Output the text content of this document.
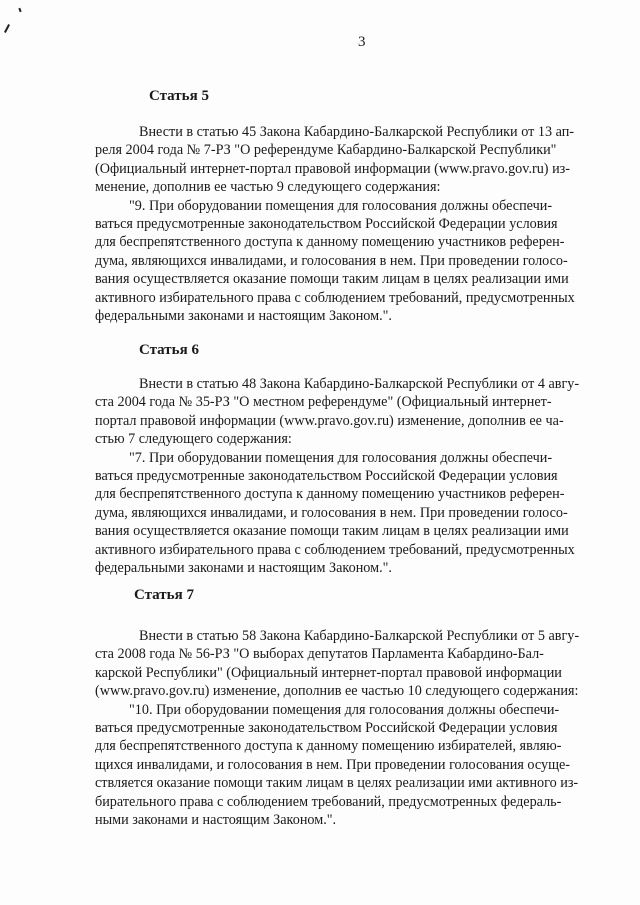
3
Статья 5
Внести в статью 45 Закона Кабардино-Балкарской Республики от 13 ап-
реля 2004 года № 7-РЗ "О референдуме Кабардино-Балкарской Республики"
(Официальный интернет-портал правовой информации (www.pravo.gov.ru) из-
менение, дополнив ее частью 9 следующего содержания:
"9. При оборудовании помещения для голосования должны обеспечи-
ваться предусмотренные законодательством Российской Федерации условия
для беспрепятственного доступа к данному помещению участников референ-
дума, являющихся инвалидами, и голосования в нем. При проведении голосо-
вания осуществляется оказание помощи таким лицам в целях реализации ими
активного избирательного права с соблюдением требований, предусмотренных
федеральными законами и настоящим Законом.".
Статья 6
Внести в статью 48 Закона Кабардино-Балкарской Республики от 4 авгу-
ста 2004 года № 35-РЗ "О местном референдуме" (Официальный интернет-
портал правовой информации (www.pravo.gov.ru) изменение, дополнив ее ча-
стью 7 следующего содержания:
"7. При оборудовании помещения для голосования должны обеспечи-
ваться предусмотренные законодательством Российской Федерации условия
для беспрепятственного доступа к данному помещению участников референ-
дума, являющихся инвалидами, и голосования в нем. При проведении голосо-
вания осуществляется оказание помощи таким лицам в целях реализации ими
активного избирательного права с соблюдением требований, предусмотренных
федеральными законами и настоящим Законом.".
Статья 7
Внести в статью 58 Закона Кабардино-Балкарской Республики от 5 авгу-
ста 2008 года № 56-РЗ "О выборах депутатов Парламента Кабардино-Бал-
карской Республики" (Официальный интернет-портал правовой информации
(www.pravo.gov.ru) изменение, дополнив ее частью 10 следующего содержания:
"10. При оборудовании помещения для голосования должны обеспечи-
ваться предусмотренные законодательством Российской Федерации условия
для беспрепятственного доступа к данному помещению избирателей, являю-
щихся инвалидами, и голосования в нем. При проведении голосования осуще-
ствляется оказание помощи таким лицам в целях реализации ими активного из-
бирательного права с соблюдением требований, предусмотренных федераль-
ными законами и настоящим Законом.".
